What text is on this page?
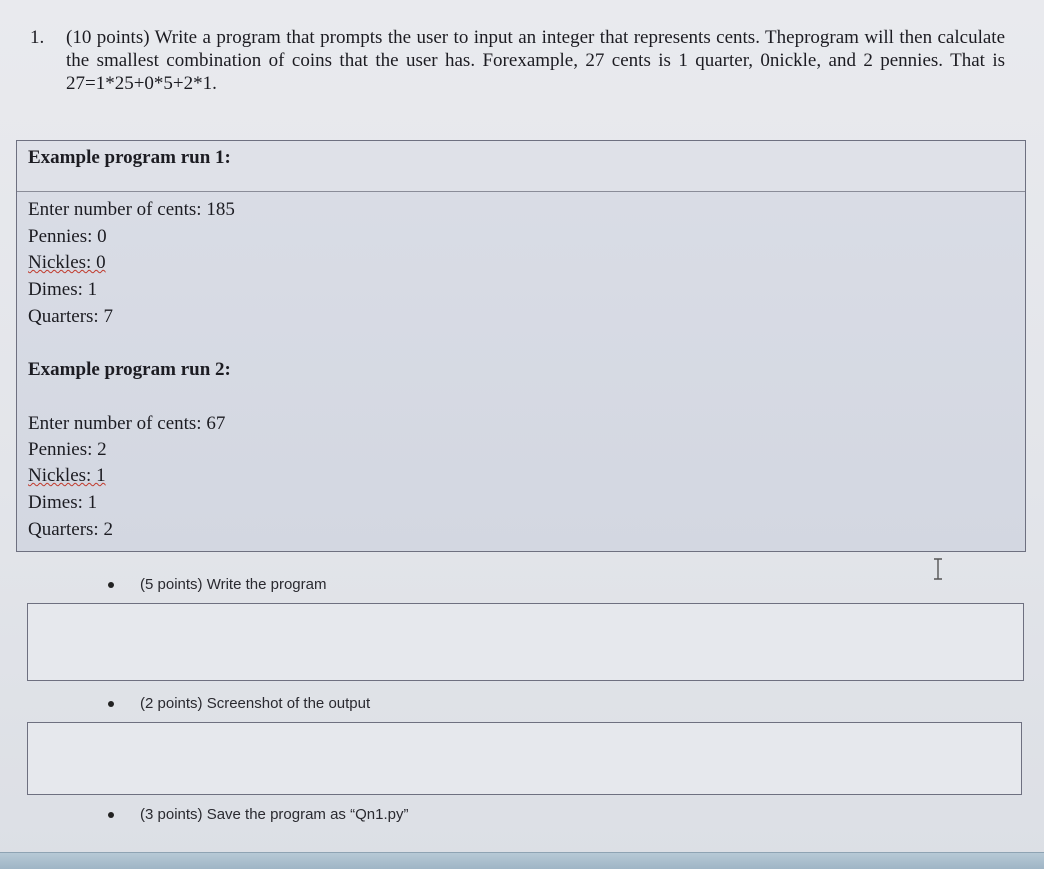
1. (10 points) Write a program that prompts the user to input an integer that represents cents. Theprogram will then calculate the smallest combination of coins that the user has. Forexample, 27 cents is 1 quarter, 0nickle, and 2 pennies. That is 27=1*25+0*5+2*1.
Example program run 1:
Enter number of cents: 185
Pennies: 0
Nickles: 0
Dimes: 1
Quarters: 7
Example program run 2:
Enter number of cents: 67
Pennies: 2
Nickles: 1
Dimes: 1
Quarters: 2
(5 points) Write the program
(2 points) Screenshot of the output
(3 points) Save the program as “Qn1.py”
